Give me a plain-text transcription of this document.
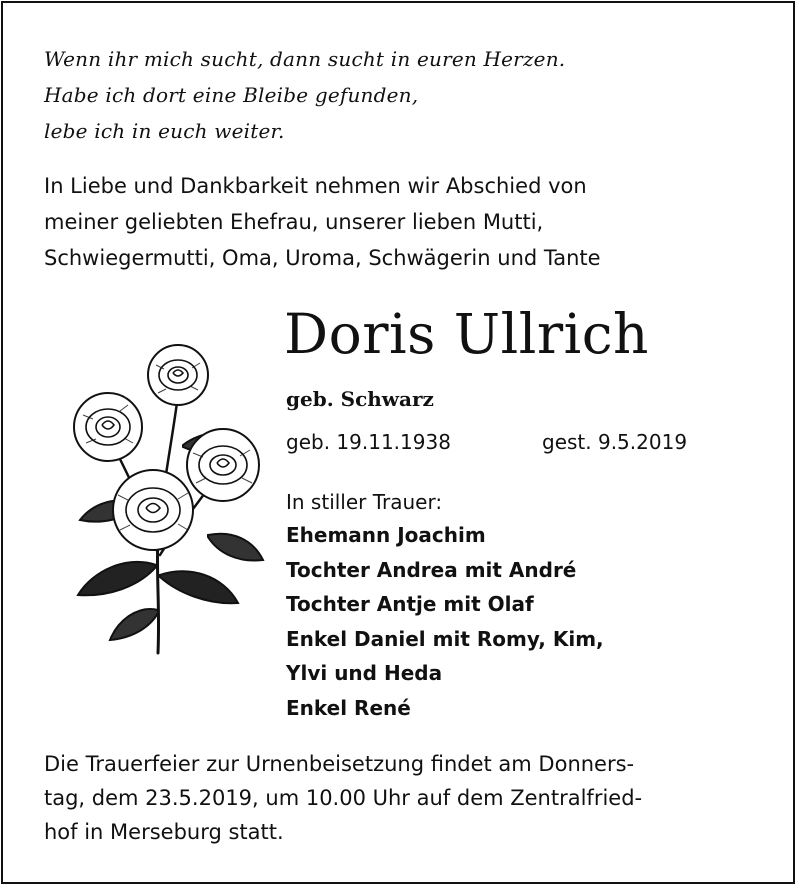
Wenn ihr mich sucht, dann sucht in euren Herzen.
Habe ich dort eine Bleibe gefunden,
lebe ich in euch weiter.
In Liebe und Dankbarkeit nehmen wir Abschied von
meiner geliebten Ehefrau, unserer lieben Mutti,
Schwiegermutti, Oma, Uroma, Schwägerin und Tante
Doris Ullrich
geb. Schwarz
geb. 19.11.1938	gest. 9.5.2019
In stiller Trauer:
Ehemann Joachim
Tochter Andrea mit André
Tochter Antje mit Olaf
Enkel Daniel mit Romy, Kim,
Ylvi und Heda
Enkel René
Die Trauerfeier zur Urnenbeisetzung findet am Donners-
tag, dem 23.5.2019, um 10.00 Uhr auf dem Zentralfried-
hof in Merseburg statt.
